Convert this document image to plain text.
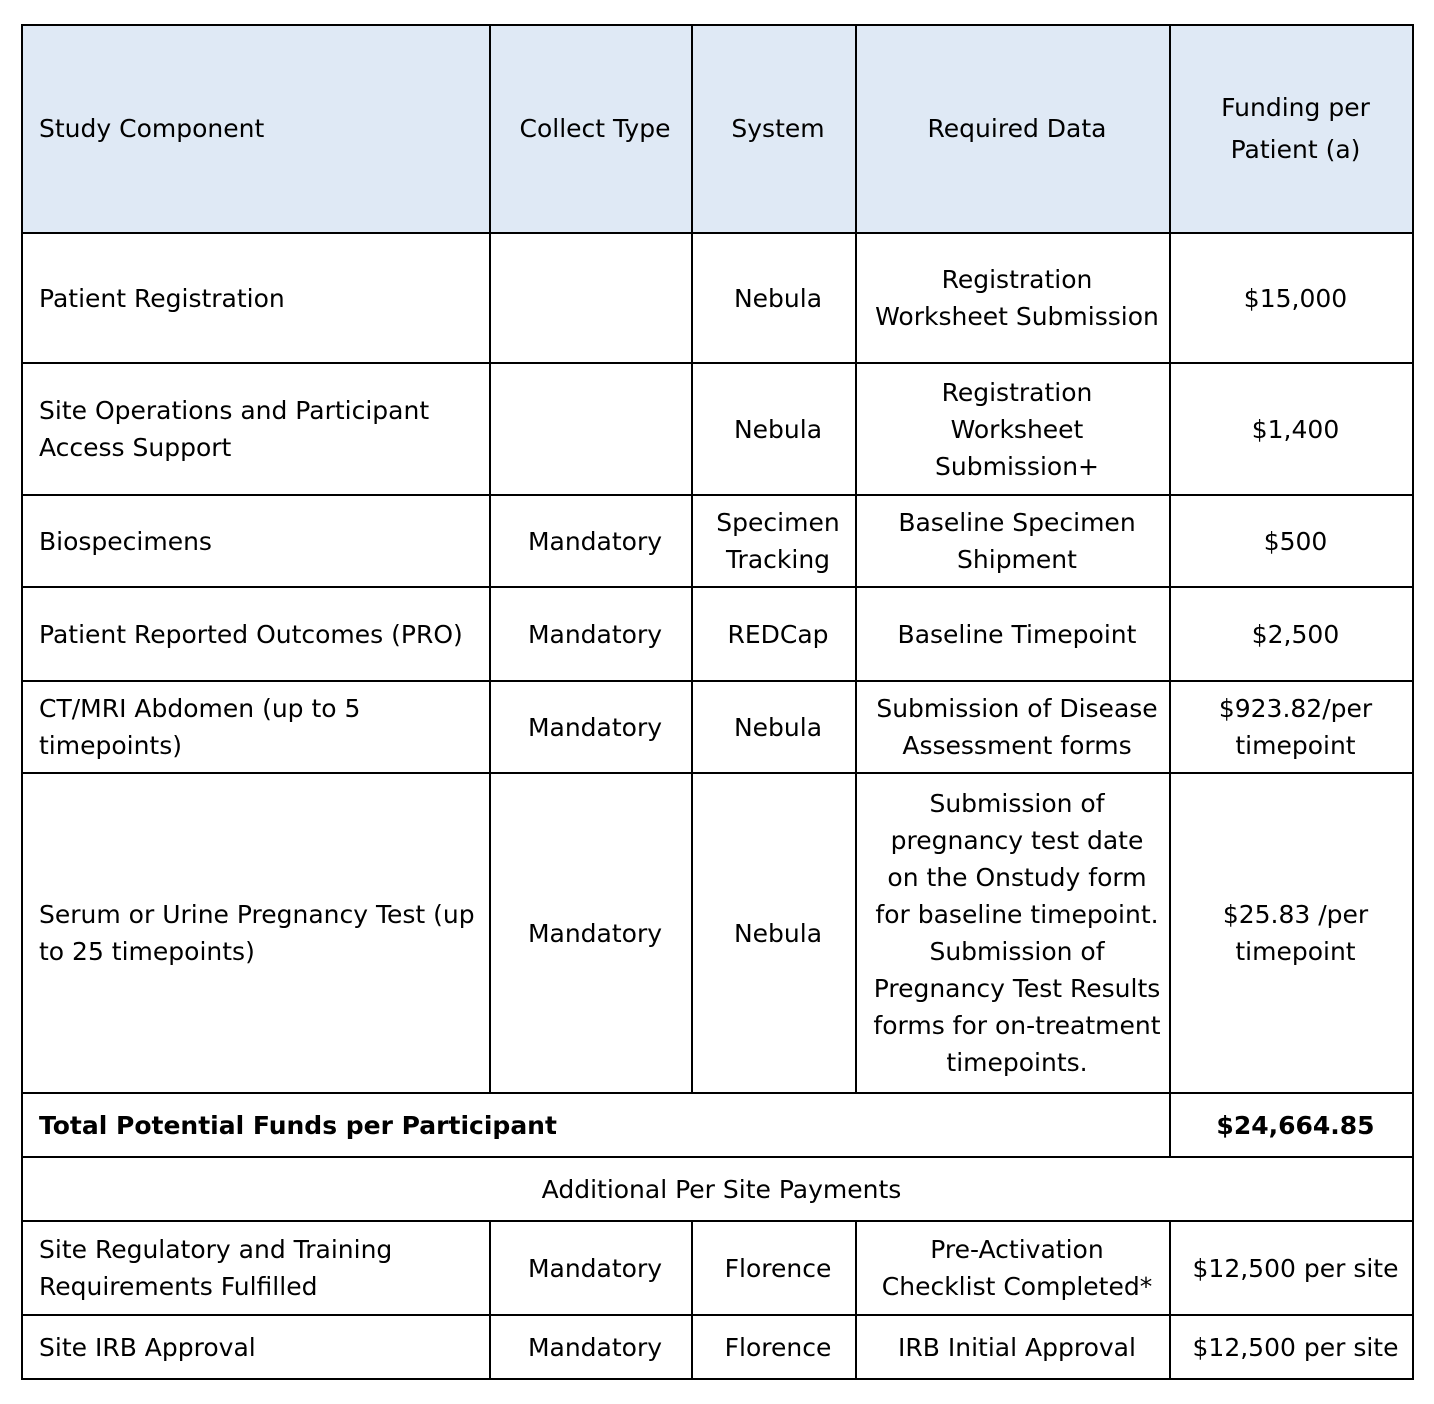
Study Component	Collect Type	System	Required Data	Funding per Patient (a)
Patient Registration		Nebula	Registration Worksheet Submission	$15,000
Site Operations and Participant Access Support		Nebula	Registration Worksheet Submission+	$1,400
Biospecimens	Mandatory	Specimen Tracking	Baseline Specimen Shipment	$500
Patient Reported Outcomes (PRO)	Mandatory	REDCap	Baseline Timepoint	$2,500
CT/MRI Abdomen (up to 5 timepoints)	Mandatory	Nebula	Submission of Disease Assessment forms	$923.82/per timepoint
Serum or Urine Pregnancy Test (up to 25 timepoints)	Mandatory	Nebula	Submission of pregnancy test date on the Onstudy form for baseline timepoint. Submission of Pregnancy Test Results forms for on-treatment timepoints.	$25.83 /per timepoint
Total Potential Funds per Participant				$24,664.85
Additional Per Site Payments				
Site Regulatory and Training Requirements Fulfilled	Mandatory	Florence	Pre-Activation Checklist Completed*	$12,500 per site
Site IRB Approval	Mandatory	Florence	IRB Initial Approval	$12,500 per site
